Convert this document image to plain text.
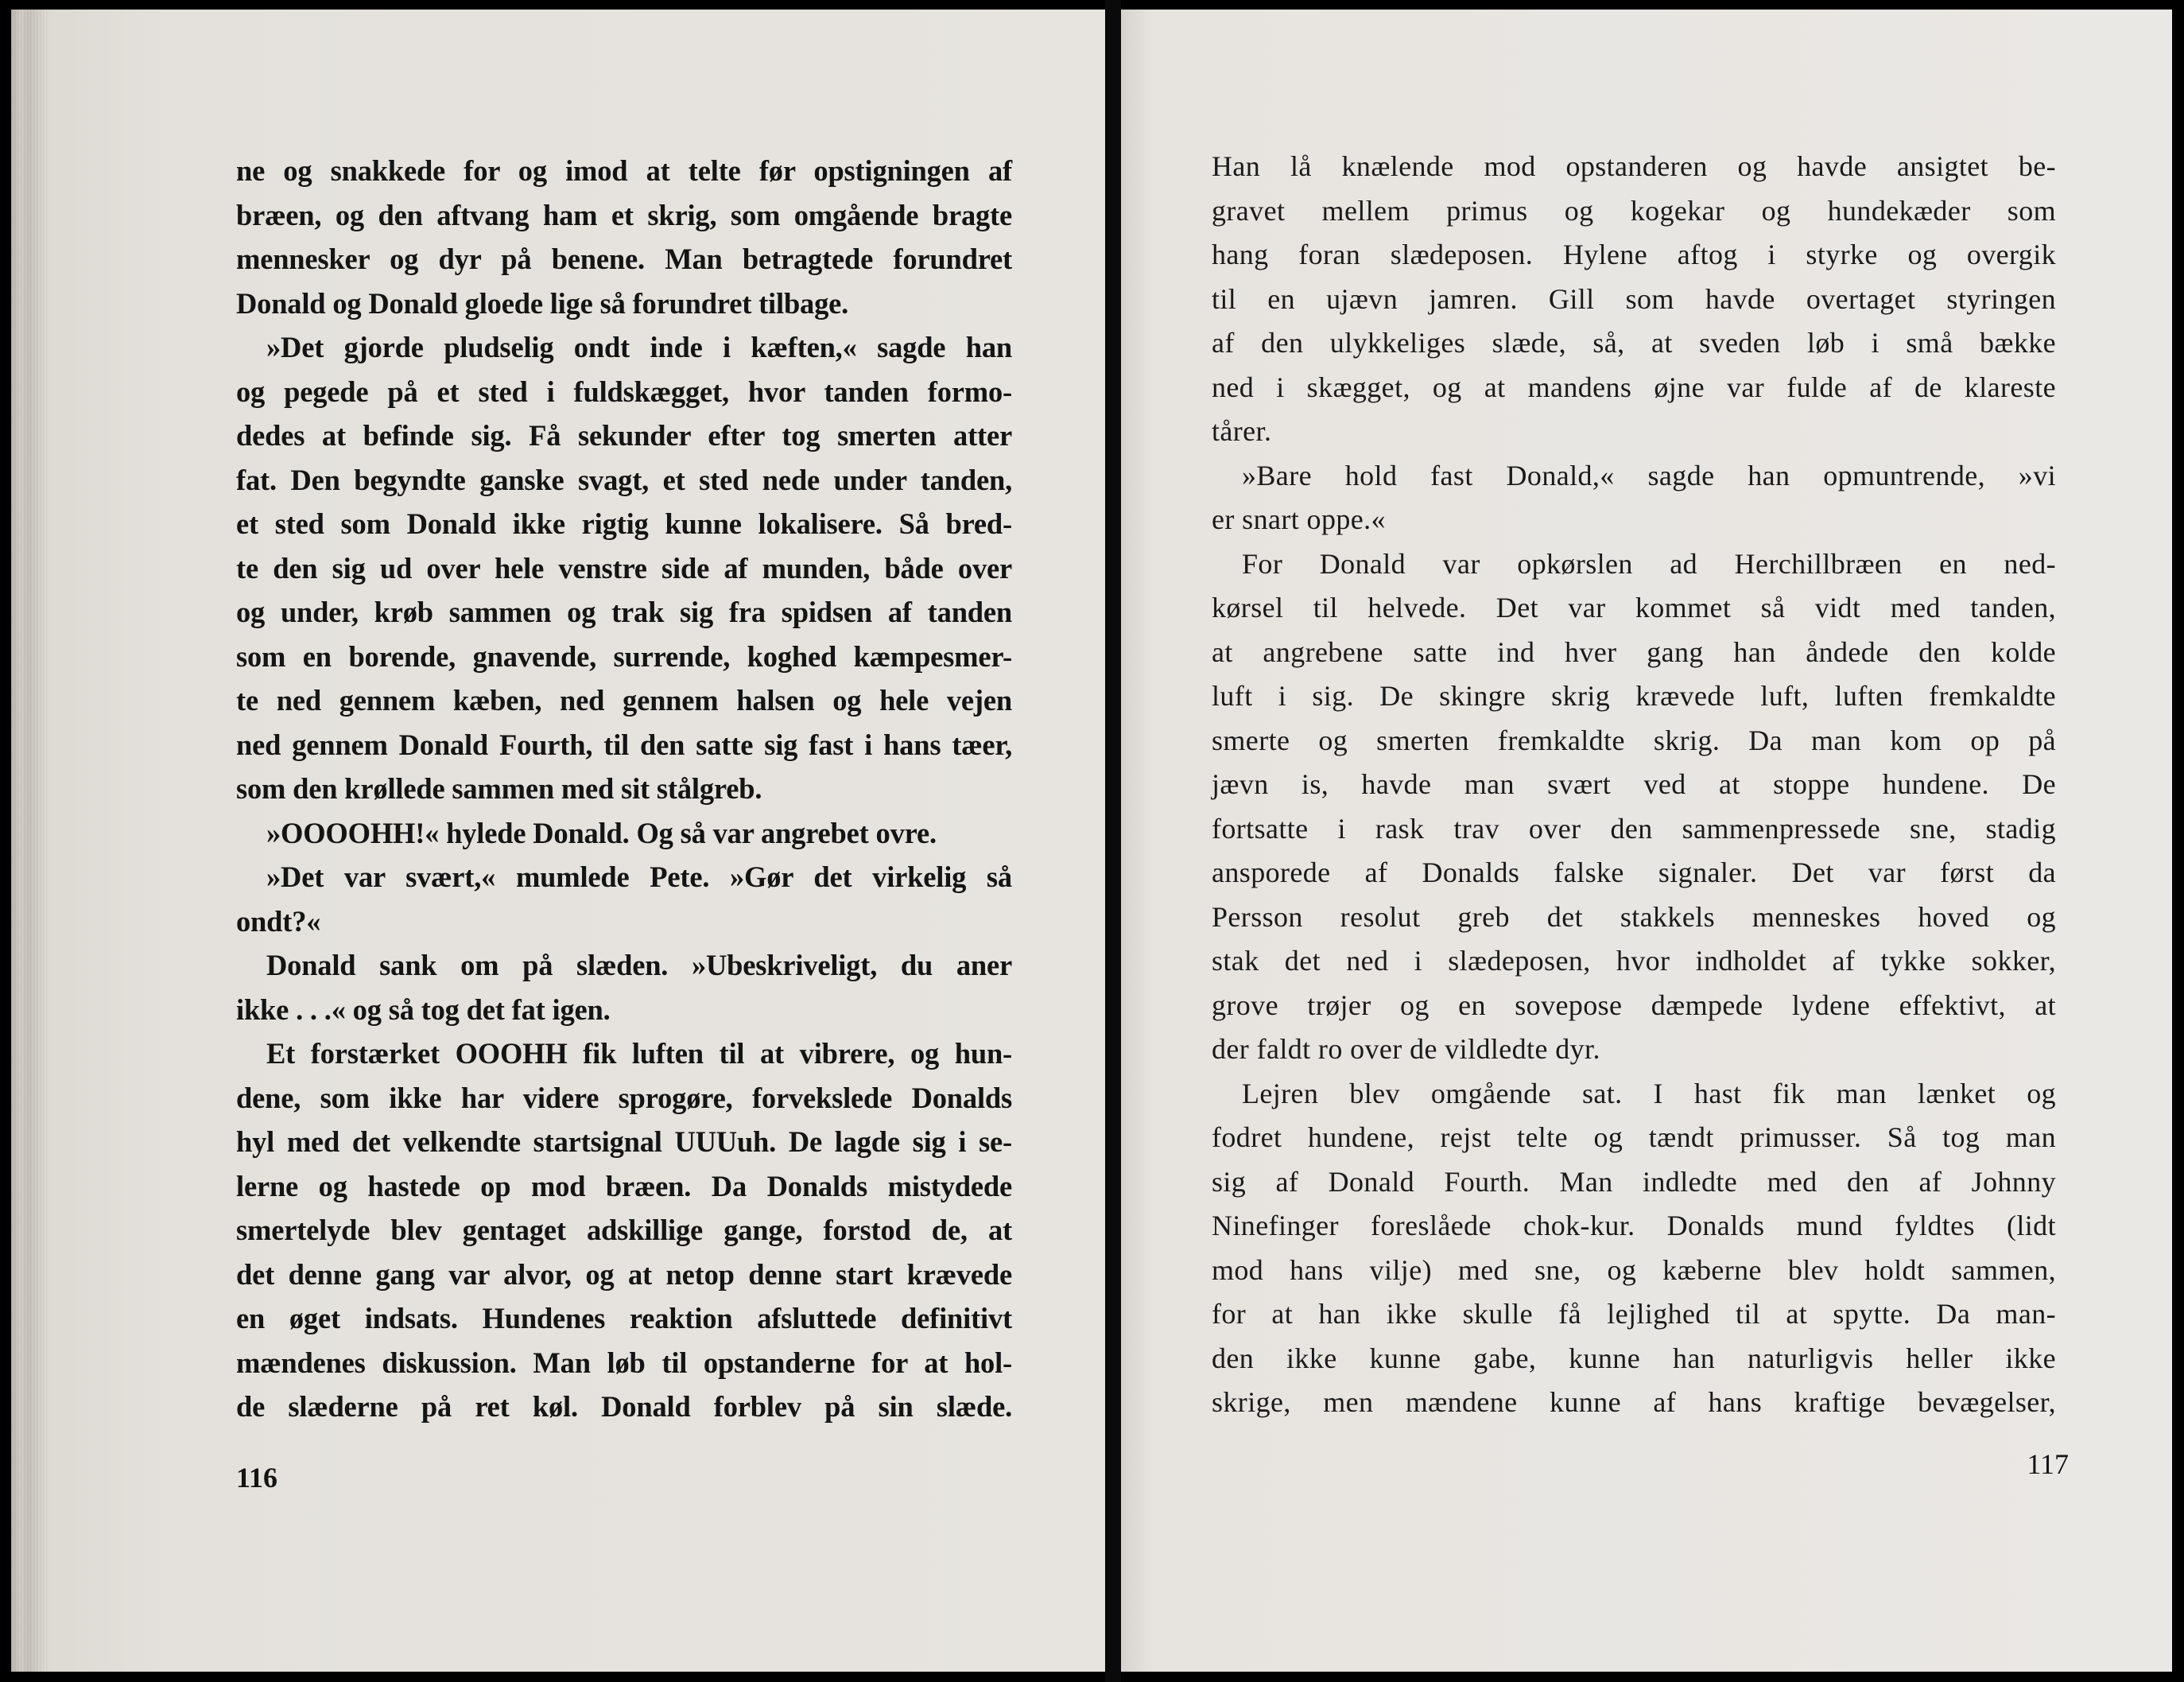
ne og snakkede for og imod at telte før opstigningen af
bræen, og den aftvang ham et skrig, som omgående bragte
mennesker og dyr på benene. Man betragtede forundret
Donald og Donald gloede lige så forundret tilbage.
»Det gjorde pludselig ondt inde i kæften,« sagde han
og pegede på et sted i fuldskægget, hvor tanden formo-
dedes at befinde sig. Få sekunder efter tog smerten atter
fat. Den begyndte ganske svagt, et sted nede under tanden,
et sted som Donald ikke rigtig kunne lokalisere. Så bred-
te den sig ud over hele venstre side af munden, både over
og under, krøb sammen og trak sig fra spidsen af tanden
som en borende, gnavende, surrende, koghed kæmpesmer-
te ned gennem kæben, ned gennem halsen og hele vejen
ned gennem Donald Fourth, til den satte sig fast i hans tæer,
som den krøllede sammen med sit stålgreb.
»OOOOHH!« hylede Donald. Og så var angrebet ovre.
»Det var svært,« mumlede Pete. »Gør det virkelig så
ondt?«
Donald sank om på slæden. »Ubeskriveligt, du aner
ikke . . .« og så tog det fat igen.
Et forstærket OOOHH fik luften til at vibrere, og hun-
dene, som ikke har videre sprogøre, forvekslede Donalds
hyl med det velkendte startsignal UUUuh. De lagde sig i se-
lerne og hastede op mod bræen. Da Donalds mistydede
smertelyde blev gentaget adskillige gange, forstod de, at
det denne gang var alvor, og at netop denne start krævede
en øget indsats. Hundenes reaktion afsluttede definitivt
mændenes diskussion. Man løb til opstanderne for at hol-
de slæderne på ret køl. Donald forblev på sin slæde.
116
Han lå knælende mod opstanderen og havde ansigtet be-
gravet mellem primus og kogekar og hundekæder som
hang foran slædeposen. Hylene aftog i styrke og overgik
til en ujævn jamren. Gill som havde overtaget styringen
af den ulykkeliges slæde, så, at sveden løb i små bække
ned i skægget, og at mandens øjne var fulde af de klareste
tårer.
»Bare hold fast Donald,« sagde han opmuntrende, »vi
er snart oppe.«
For Donald var opkørslen ad Herchillbræen en ned-
kørsel til helvede. Det var kommet så vidt med tanden,
at angrebene satte ind hver gang han åndede den kolde
luft i sig. De skingre skrig krævede luft, luften fremkaldte
smerte og smerten fremkaldte skrig. Da man kom op på
jævn is, havde man svært ved at stoppe hundene. De
fortsatte i rask trav over den sammenpressede sne, stadig
ansporede af Donalds falske signaler. Det var først da
Persson resolut greb det stakkels menneskes hoved og
stak det ned i slædeposen, hvor indholdet af tykke sokker,
grove trøjer og en sovepose dæmpede lydene effektivt, at
der faldt ro over de vildledte dyr.
Lejren blev omgående sat. I hast fik man lænket og
fodret hundene, rejst telte og tændt primusser. Så tog man
sig af Donald Fourth. Man indledte med den af Johnny
Ninefinger foreslåede chok-kur. Donalds mund fyldtes (lidt
mod hans vilje) med sne, og kæberne blev holdt sammen,
for at han ikke skulle få lejlighed til at spytte. Da man-
den ikke kunne gabe, kunne han naturligvis heller ikke
skrige, men mændene kunne af hans kraftige bevægelser,
117
